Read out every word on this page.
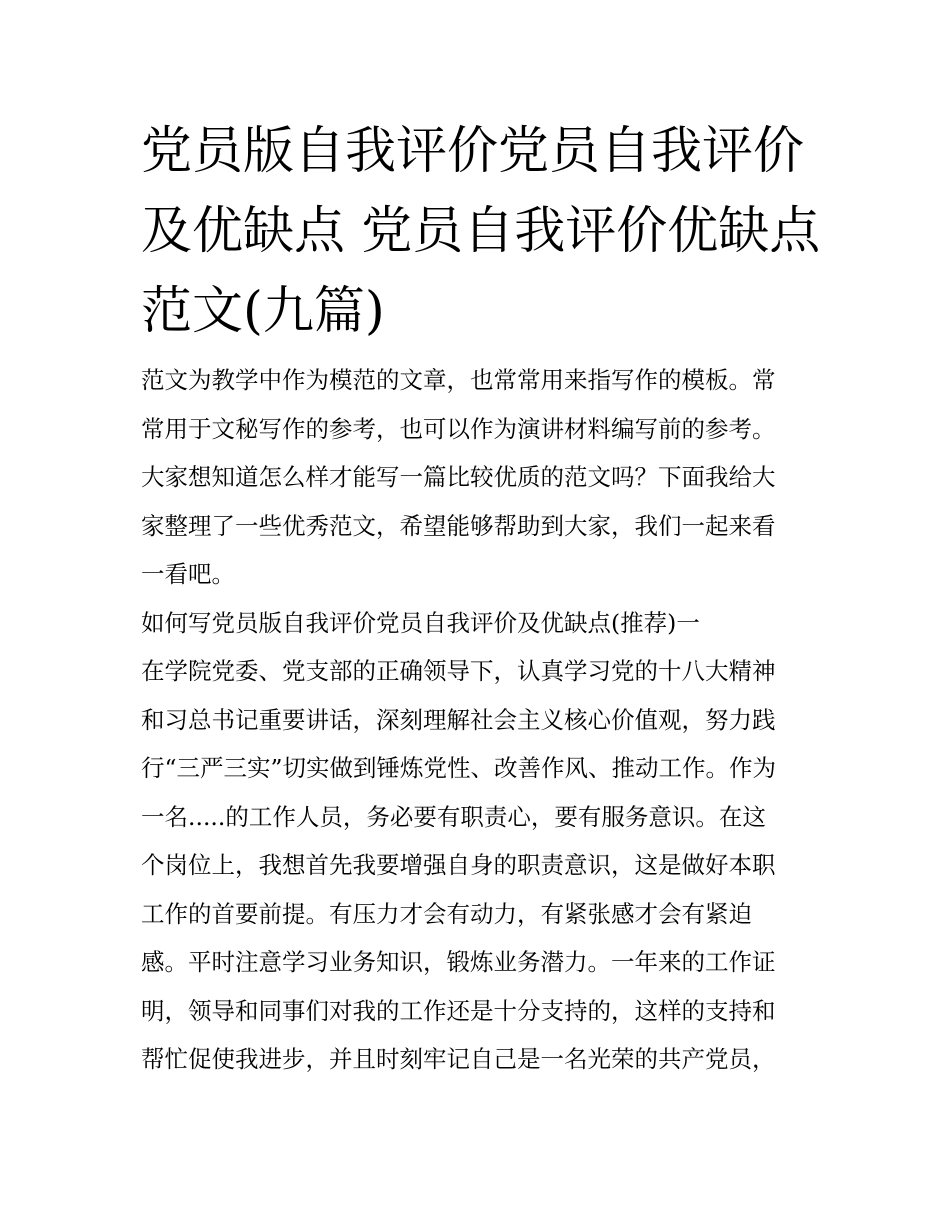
党员版自我评价党员自我评价
及优缺点 党员自我评价优缺点
范文(九篇)
范文为教学中作为模范的文章，也常常用来指写作的模板。常
常用于文秘写作的参考，也可以作为演讲材料编写前的参考。
大家想知道怎么样才能写一篇比较优质的范文吗？下面我给大
家整理了一些优秀范文，希望能够帮助到大家，我们一起来看
一看吧。
如何写党员版自我评价党员自我评价及优缺点(推荐)一
在学院党委、党支部的正确领导下，认真学习党的十八大精神
和习总书记重要讲话，深刻理解社会主义核心价值观，努力践
行“三严三实”切实做到锤炼党性、改善作风、推动工作。作为
一名.....的工作人员，务必要有职责心，要有服务意识。在这
个岗位上，我想首先我要增强自身的职责意识，这是做好本职
工作的首要前提。有压力才会有动力，有紧张感才会有紧迫
感。平时注意学习业务知识，锻炼业务潜力。一年来的工作证
明，领导和同事们对我的工作还是十分支持的，这样的支持和
帮忙促使我进步，并且时刻牢记自己是一名光荣的共产党员，
